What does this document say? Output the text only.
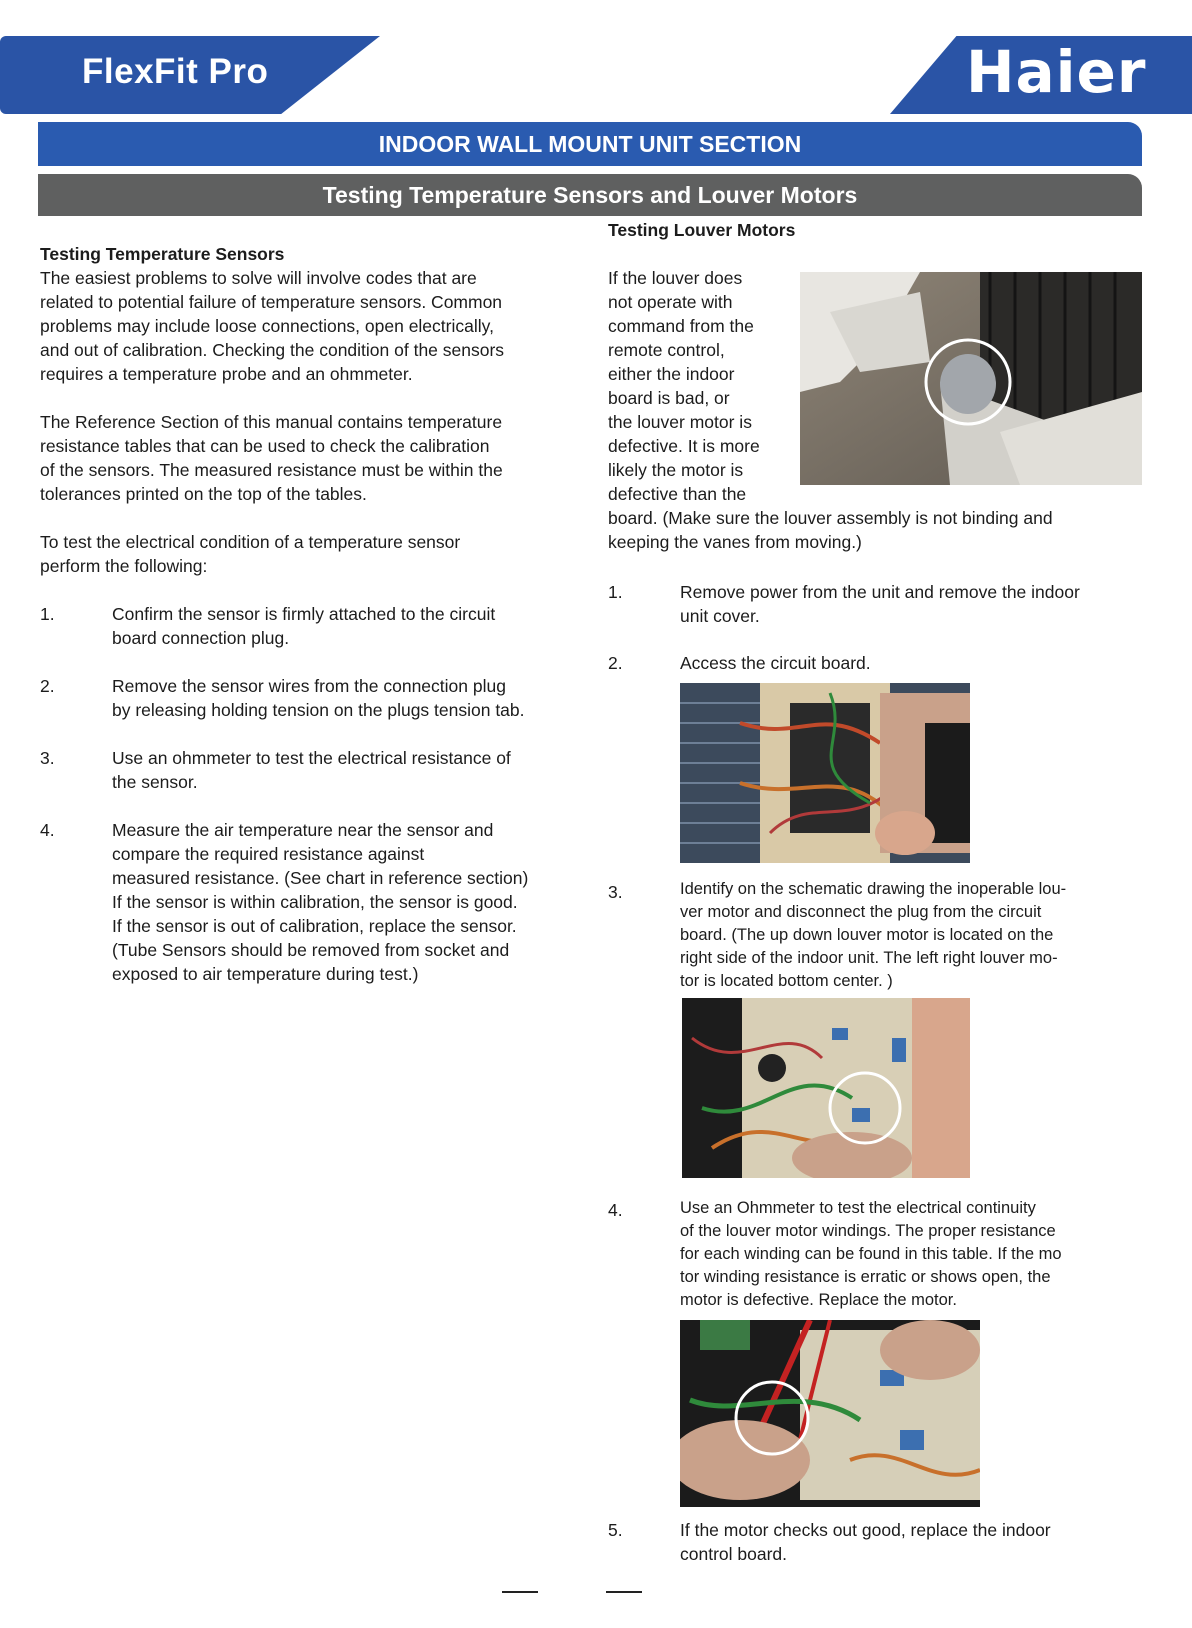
FlexFit Pro	Haier
INDOOR WALL MOUNT UNIT SECTION
Testing Temperature Sensors and Louver Motors
Testing Temperature Sensors
The easiest problems to solve will involve codes that are
related to potential failure of temperature sensors. Common
problems may include loose connections, open electrically,
and out of calibration. Checking the condition of the sensors
requires a temperature probe and an ohmmeter.
The Reference Section of this manual contains temperature
resistance tables that can be used to check the calibration
of the sensors. The measured resistance must be within the
tolerances printed on the top of the tables.
To test the electrical condition of a temperature sensor
perform the following:
1.	Confirm the sensor is firmly attached to the circuit
board connection plug.
2.	Remove the sensor wires from the connection plug
by releasing holding tension on the plugs tension tab.
3.	Use an ohmmeter to test the electrical resistance of
the sensor.
4.	Measure the air temperature near the sensor and
compare the required resistance against
measured resistance. (See chart in reference section)
If the sensor is within calibration, the sensor is good.
If the sensor is out of calibration, replace the sensor.
(Tube Sensors should be removed from socket and
exposed to air temperature during test.)
Testing Louver Motors
If the louver does
not operate with
command from the
remote control,
either the indoor
board is bad, or
the louver motor is
defective. It is more
likely the motor is
defective than the
board. (Make sure the louver assembly is not binding and
keeping the vanes from moving.)
1.	Remove power from the unit and remove the indoor
unit cover.
2.	Access the circuit board.
3.	Identify on the schematic drawing the inoperable lou-
ver motor and disconnect the plug from the circuit
board. (The up down louver motor is located on the
right side of the indoor unit. The left right louver mo-
tor is located bottom center. )
4.	Use an Ohmmeter to test the electrical continuity
of the louver motor windings. The proper resistance
for each winding can be found in this table. If the mo
tor winding resistance is erratic or shows open, the
motor is defective. Replace the motor.
5.	If the motor checks out good, replace the indoor
control board.
